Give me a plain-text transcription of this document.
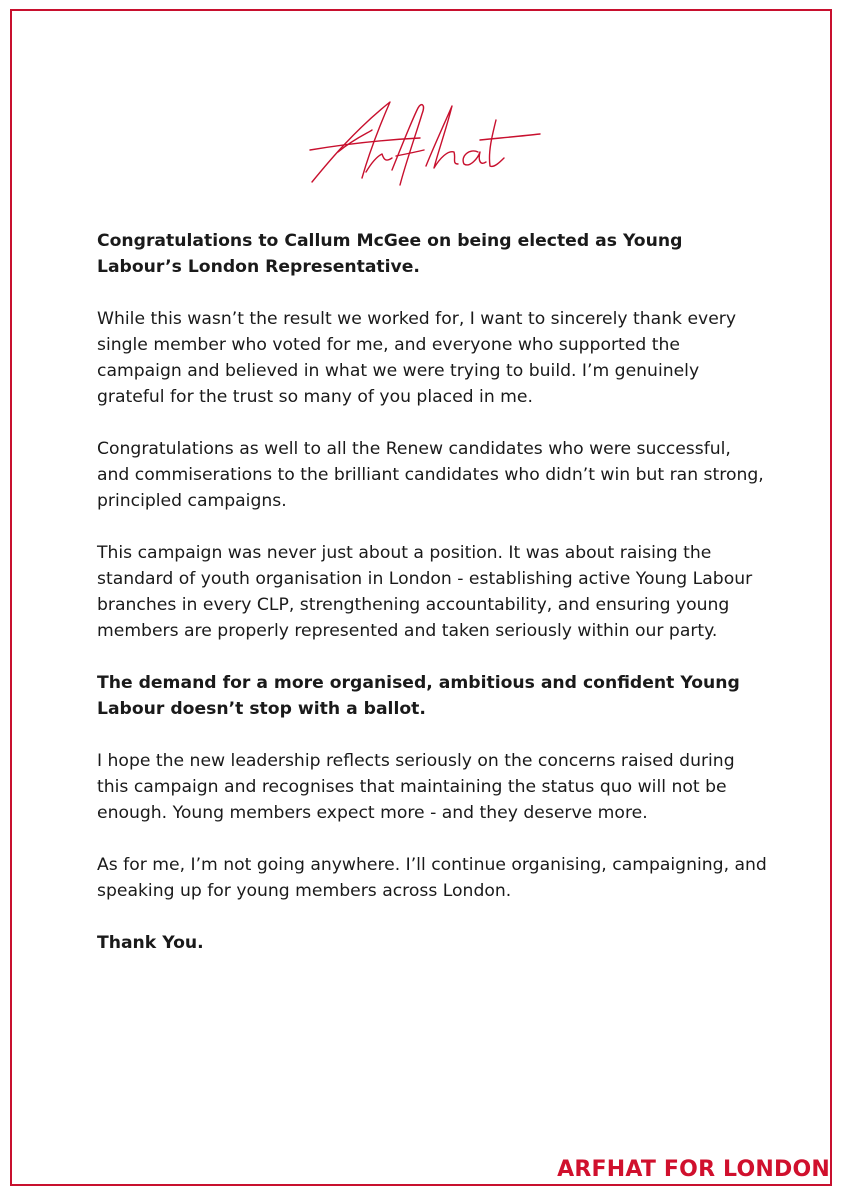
Congratulations to Callum McGee on being elected as Young Labour’s London Representative.

While this wasn’t the result we worked for, I want to sincerely thank every single member who voted for me, and everyone who supported the campaign and believed in what we were trying to build. I’m genuinely grateful for the trust so many of you placed in me.

Congratulations as well to all the Renew candidates who were successful, and commiserations to the brilliant candidates who didn’t win but ran strong, principled campaigns.

This campaign was never just about a position. It was about raising the standard of youth organisation in London - establishing active Young Labour branches in every CLP, strengthening accountability, and ensuring young members are properly represented and taken seriously within our party.

The demand for a more organised, ambitious and confident Young Labour doesn’t stop with a ballot.

I hope the new leadership reflects seriously on the concerns raised during this campaign and recognises that maintaining the status quo will not be enough. Young members expect more - and they deserve more.

As for me, I’m not going anywhere. I’ll continue organising, campaigning, and speaking up for young members across London.

Thank You.

ARFHAT FOR LONDON
